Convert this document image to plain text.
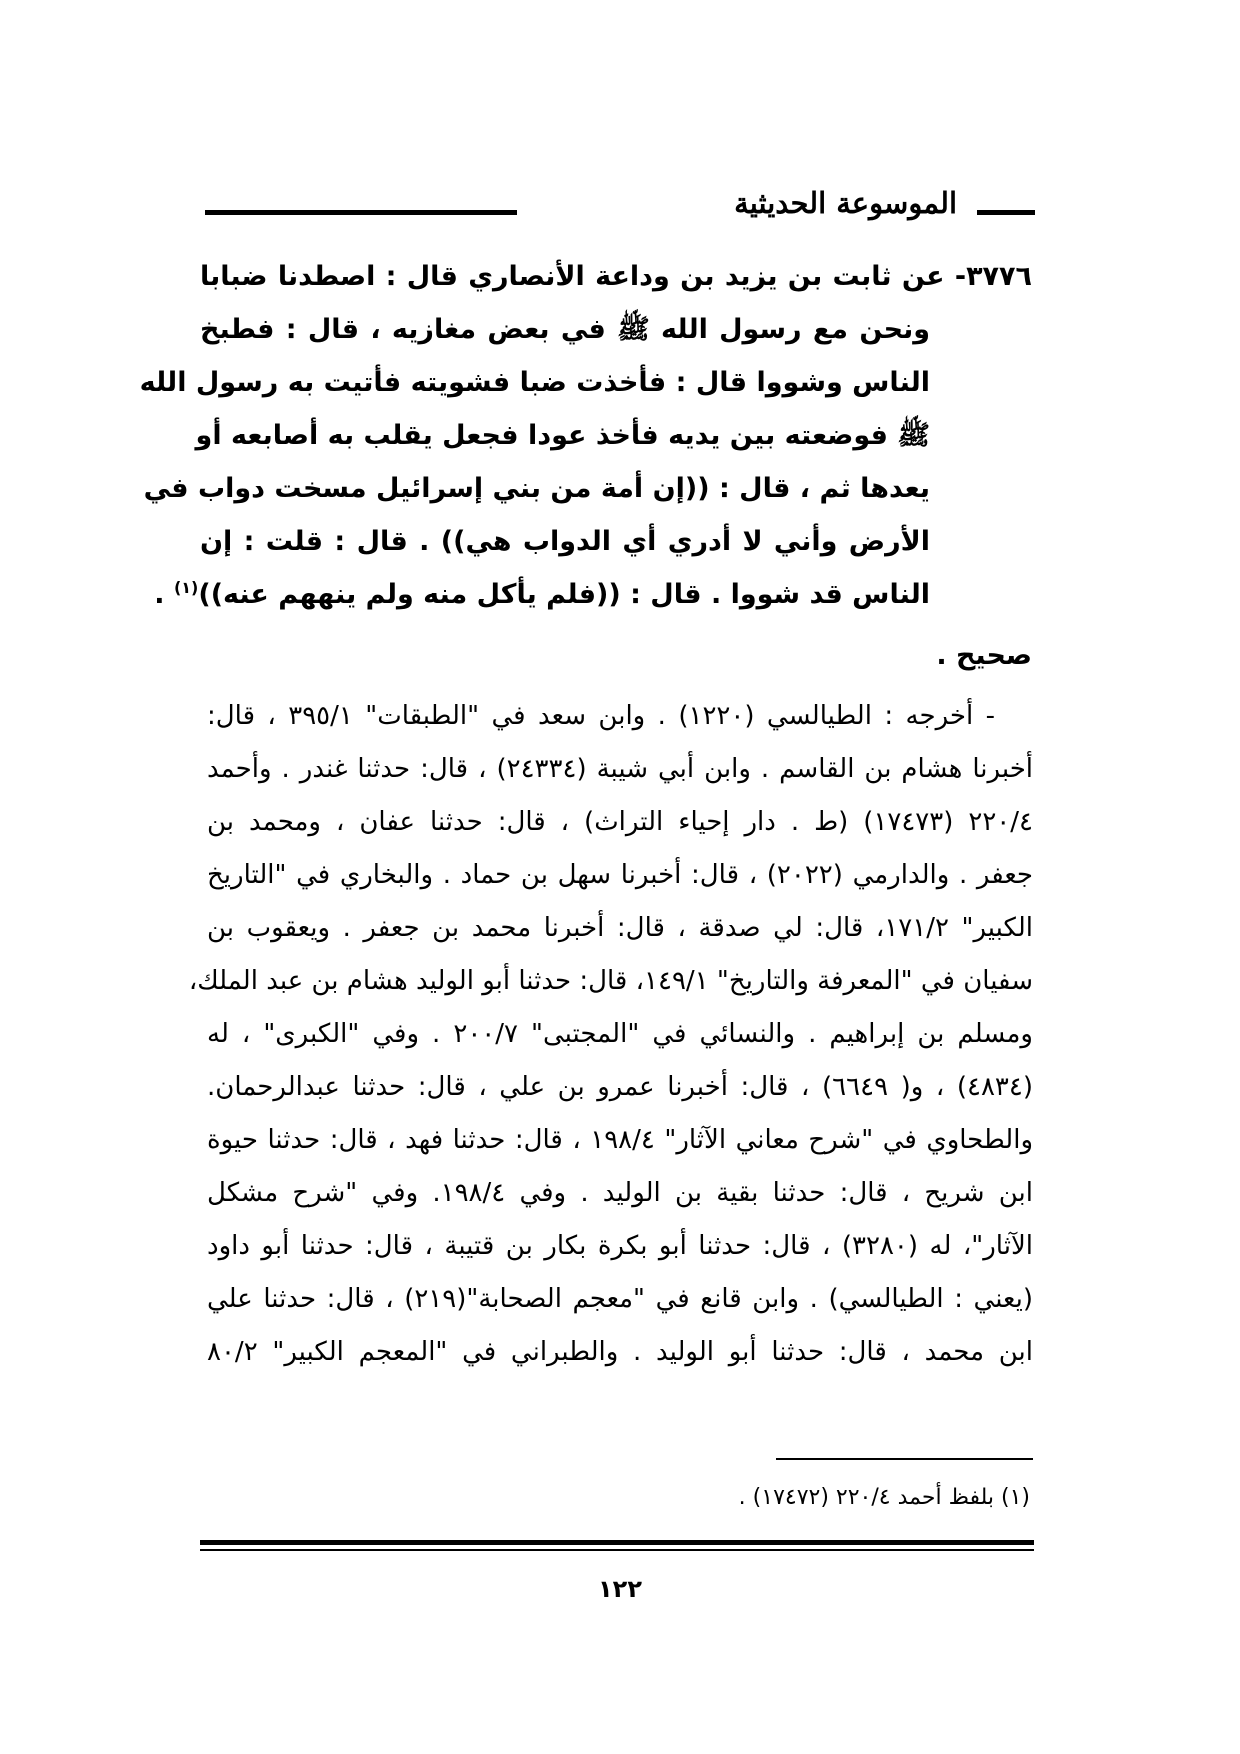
الموسوعة الحديثية
٣٧٧٦- عن ثابت بن يزيد بن وداعة الأنصاري قال : اصطدنا ضبابا
ونحن مع رسول الله ﷺ في بعض مغازيه ، قال : فطبخ
الناس وشووا قال : فأخذت ضبا فشويته فأتيت به رسول الله
ﷺ فوضعته بين يديه فأخذ عودا فجعل يقلب به أصابعه أو
يعدها ثم ، قال : ((إن أمة من بني إسرائيل مسخت دواب في
الأرض وأني لا أدري أي الدواب هي)) . قال : قلت : إن
الناس قد شووا . قال : ((فلم يأكل منه ولم ينههم عنه))$^{(١)}$ .
صحيح .
- أخرجه : الطيالسي (١٢٢٠) . وابن سعد في "الطبقات" ٣٩٥/١ ، قال:
أخبرنا هشام بن القاسم . وابن أبي شيبة (٢٤٣٣٤) ، قال: حدثنا غندر . وأحمد
٢٢٠/٤ (١٧٤٧٣) (ط . دار إحياء التراث) ، قال: حدثنا عفان ، ومحمد بن
جعفر . والدارمي (٢٠٢٢) ، قال: أخبرنا سهل بن حماد . والبخاري في "التاريخ
الكبير" ١٧١/٢، قال: لي صدقة ، قال: أخبرنا محمد بن جعفر . ويعقوب بن
سفيان في "المعرفة والتاريخ" ١٤٩/١، قال: حدثنا أبو الوليد هشام بن عبد الملك،
ومسلم بن إبراهيم . والنسائي في "المجتبى" ٢٠٠/٧ . وفي "الكبرى" ، له
(٤٨٣٤) ، و( ٦٦٤٩) ، قال: أخبرنا عمرو بن علي ، قال: حدثنا عبدالرحمان.
والطحاوي في "شرح معاني الآثار" ١٩٨/٤ ، قال: حدثنا فهد ، قال: حدثنا حيوة
ابن شريح ، قال: حدثنا بقية بن الوليد . وفي ١٩٨/٤. وفي "شرح مشكل
الآثار"، له (٣٢٨٠) ، قال: حدثنا أبو بكرة بكار بن قتيبة ، قال: حدثنا أبو داود
(يعني : الطيالسي) . وابن قانع في "معجم الصحابة"(٢١٩) ، قال: حدثنا علي
ابن محمد ، قال: حدثنا أبو الوليد . والطبراني في "المعجم الكبير" ٨٠/٢
(١) بلفظ أحمد ٢٢٠/٤ (١٧٤٧٢) .
١٢٢
